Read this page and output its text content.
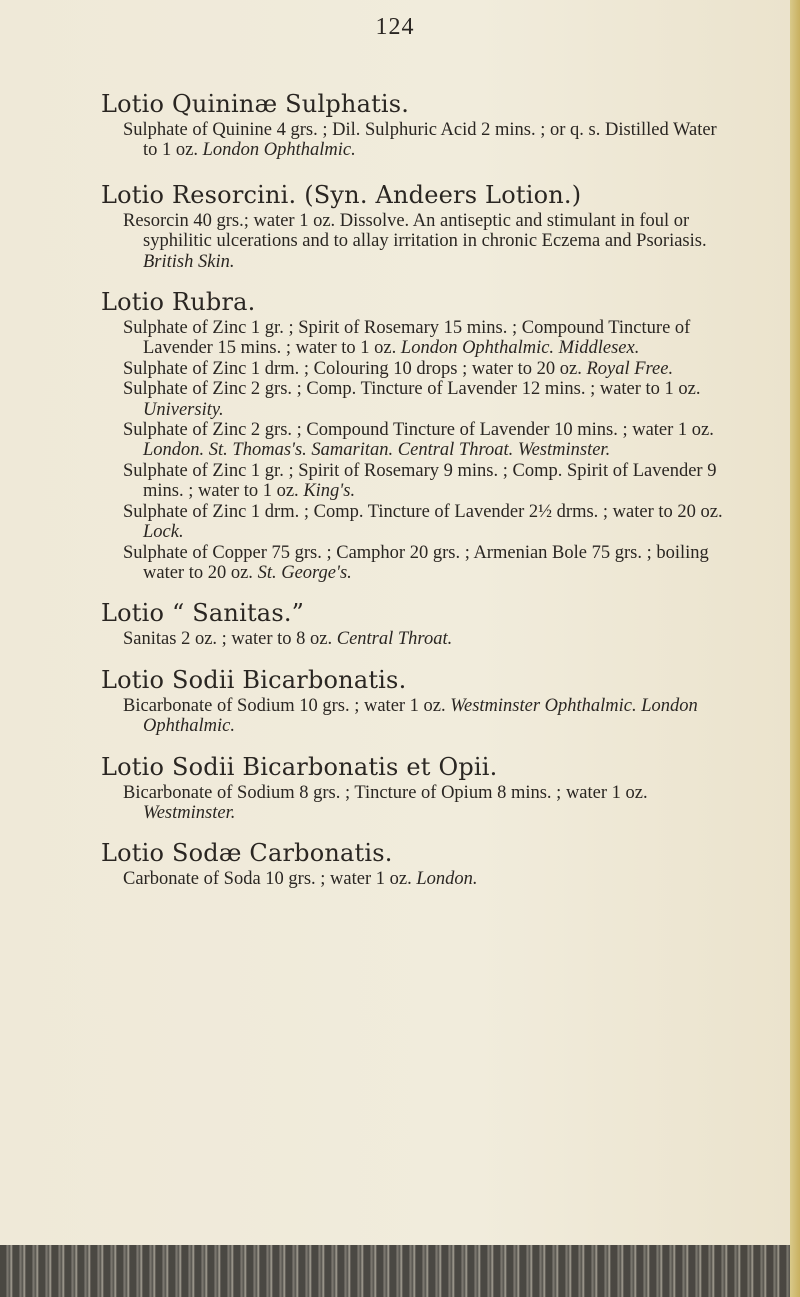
124
Lotio Quininæ Sulphatis.

Sulphate of Quinine 4 grs. ; Dil. Sulphuric Acid 2 mins. ; or q. s. Distilled Water to 1 oz. London Ophthalmic.

Lotio Resorcini. (Syn. Andeers Lotion.)

Resorcin 40 grs.; water 1 oz. Dissolve. An antiseptic and stimulant in foul or syphilitic ulcerations and to allay irritation in chronic Eczema and Psoriasis. British Skin.

Lotio Rubra.

Sulphate of Zinc 1 gr. ; Spirit of Rosemary 15 mins. ; Compound Tincture of Lavender 15 mins. ; water to 1 oz. London Ophthalmic. Middlesex.

Sulphate of Zinc 1 drm. ; Colouring 10 drops ; water to 20 oz. Royal Free.

Sulphate of Zinc 2 grs. ; Comp. Tincture of Lavender 12 mins. ; water to 1 oz. University.

Sulphate of Zinc 2 grs. ; Compound Tincture of Lavender 10 mins. ; water 1 oz. London. St. Thomas's. Samaritan. Central Throat. Westminster.

Sulphate of Zinc 1 gr. ; Spirit of Rosemary 9 mins. ; Comp. Spirit of Lavender 9 mins. ; water to 1 oz. King's.

Sulphate of Zinc 1 drm. ; Comp. Tincture of Lavender 2½ drms. ; water to 20 oz. Lock.

Sulphate of Copper 75 grs. ; Camphor 20 grs. ; Armenian Bole 75 grs. ; boiling water to 20 oz. St. George's.

Lotio “ Sanitas.”

Sanitas 2 oz. ; water to 8 oz. Central Throat.

Lotio Sodii Bicarbonatis.

Bicarbonate of Sodium 10 grs. ; water 1 oz. Westminster Ophthalmic. London Ophthalmic.

Lotio Sodii Bicarbonatis et Opii.

Bicarbonate of Sodium 8 grs. ; Tincture of Opium 8 mins. ; water 1 oz. Westminster.

Lotio Sodæ Carbonatis.

Carbonate of Soda 10 grs. ; water 1 oz. London.
